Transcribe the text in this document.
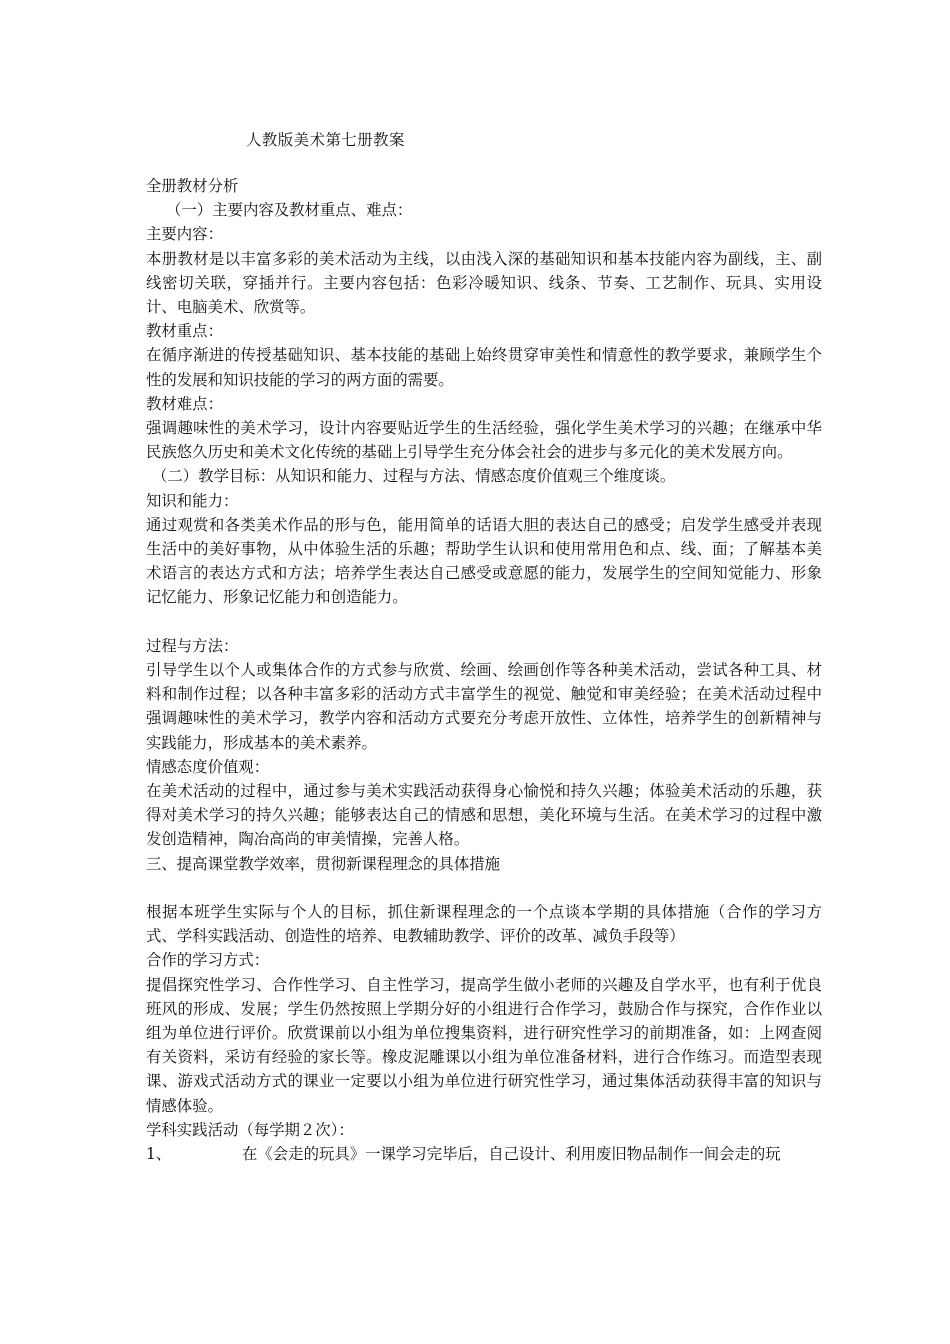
人教版美术第七册教案

全册教材分析

（一）主要内容及教材重点、难点：

主要内容：

本册教材是以丰富多彩的美术活动为主线，以由浅入深的基础知识和基本技能内容为副线，主、副线密切关联，穿插并行。主要内容包括：色彩冷暖知识、线条、节奏、工艺制作、玩具、实用设计、电脑美术、欣赏等。

教材重点：

在循序渐进的传授基础知识、基本技能的基础上始终贯穿审美性和情意性的教学要求，兼顾学生个性的发展和知识技能的学习的两方面的需要。

教材难点：

强调趣味性的美术学习，设计内容要贴近学生的生活经验，强化学生美术学习的兴趣；在继承中华民族悠久历史和美术文化传统的基础上引导学生充分体会社会的进步与多元化的美术发展方向。

（二）教学目标：从知识和能力、过程与方法、情感态度价值观三个维度谈。

知识和能力：

通过观赏和各类美术作品的形与色，能用简单的话语大胆的表达自己的感受；启发学生感受并表现生活中的美好事物，从中体验生活的乐趣；帮助学生认识和使用常用色和点、线、面；了解基本美术语言的表达方式和方法；培养学生表达自己感受或意愿的能力，发展学生的空间知觉能力、形象记忆能力、形象记忆能力和创造能力。

过程与方法：

引导学生以个人或集体合作的方式参与欣赏、绘画、绘画创作等各种美术活动，尝试各种工具、材料和制作过程；以各种丰富多彩的活动方式丰富学生的视觉、触觉和审美经验；在美术活动过程中强调趣味性的美术学习，教学内容和活动方式要充分考虑开放性、立体性，培养学生的创新精神与实践能力，形成基本的美术素养。

情感态度价值观：

在美术活动的过程中，通过参与美术实践活动获得身心愉悦和持久兴趣；体验美术活动的乐趣，获得对美术学习的持久兴趣；能够表达自己的情感和思想，美化环境与生活。在美术学习的过程中激发创造精神，陶冶高尚的审美情操，完善人格。

三、提高课堂教学效率，贯彻新课程理念的具体措施

根据本班学生实际与个人的目标，抓住新课程理念的一个点谈本学期的具体措施（合作的学习方式、学科实践活动、创造性的培养、电教辅助教学、评价的改革、减负手段等）

合作的学习方式：

提倡探究性学习、合作性学习、自主性学习，提高学生做小老师的兴趣及自学水平，也有利于优良班风的形成、发展；学生仍然按照上学期分好的小组进行合作学习，鼓励合作与探究，合作作业以组为单位进行评价。欣赏课前以小组为单位搜集资料，进行研究性学习的前期准备，如：上网查阅有关资料，采访有经验的家长等。橡皮泥雕课以小组为单位准备材料，进行合作练习。而造型表现课、游戏式活动方式的课业一定要以小组为单位进行研究性学习，通过集体活动获得丰富的知识与情感体验。

学科实践活动（每学期２次）：

1、	在《会走的玩具》一课学习完毕后，自己设计、利用废旧物品制作一间会走的玩
